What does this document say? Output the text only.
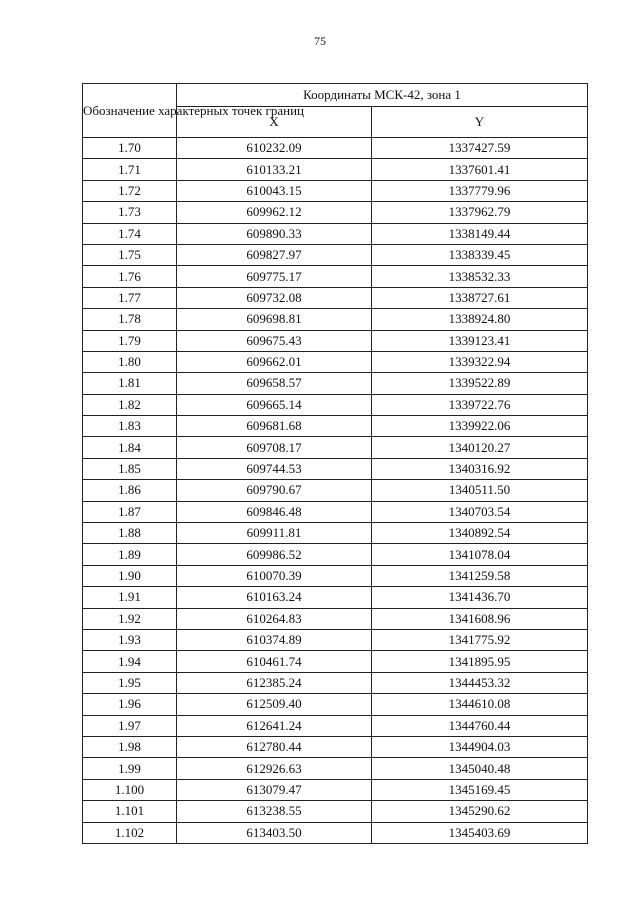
75
Обозначение характерных точек границ	Координаты МСК-42, зона 1	
	X	Y
1.70	610232.09	1337427.59
1.71	610133.21	1337601.41
1.72	610043.15	1337779.96
1.73	609962.12	1337962.79
1.74	609890.33	1338149.44
1.75	609827.97	1338339.45
1.76	609775.17	1338532.33
1.77	609732.08	1338727.61
1.78	609698.81	1338924.80
1.79	609675.43	1339123.41
1.80	609662.01	1339322.94
1.81	609658.57	1339522.89
1.82	609665.14	1339722.76
1.83	609681.68	1339922.06
1.84	609708.17	1340120.27
1.85	609744.53	1340316.92
1.86	609790.67	1340511.50
1.87	609846.48	1340703.54
1.88	609911.81	1340892.54
1.89	609986.52	1341078.04
1.90	610070.39	1341259.58
1.91	610163.24	1341436.70
1.92	610264.83	1341608.96
1.93	610374.89	1341775.92
1.94	610461.74	1341895.95
1.95	612385.24	1344453.32
1.96	612509.40	1344610.08
1.97	612641.24	1344760.44
1.98	612780.44	1344904.03
1.99	612926.63	1345040.48
1.100	613079.47	1345169.45
1.101	613238.55	1345290.62
1.102	613403.50	1345403.69
